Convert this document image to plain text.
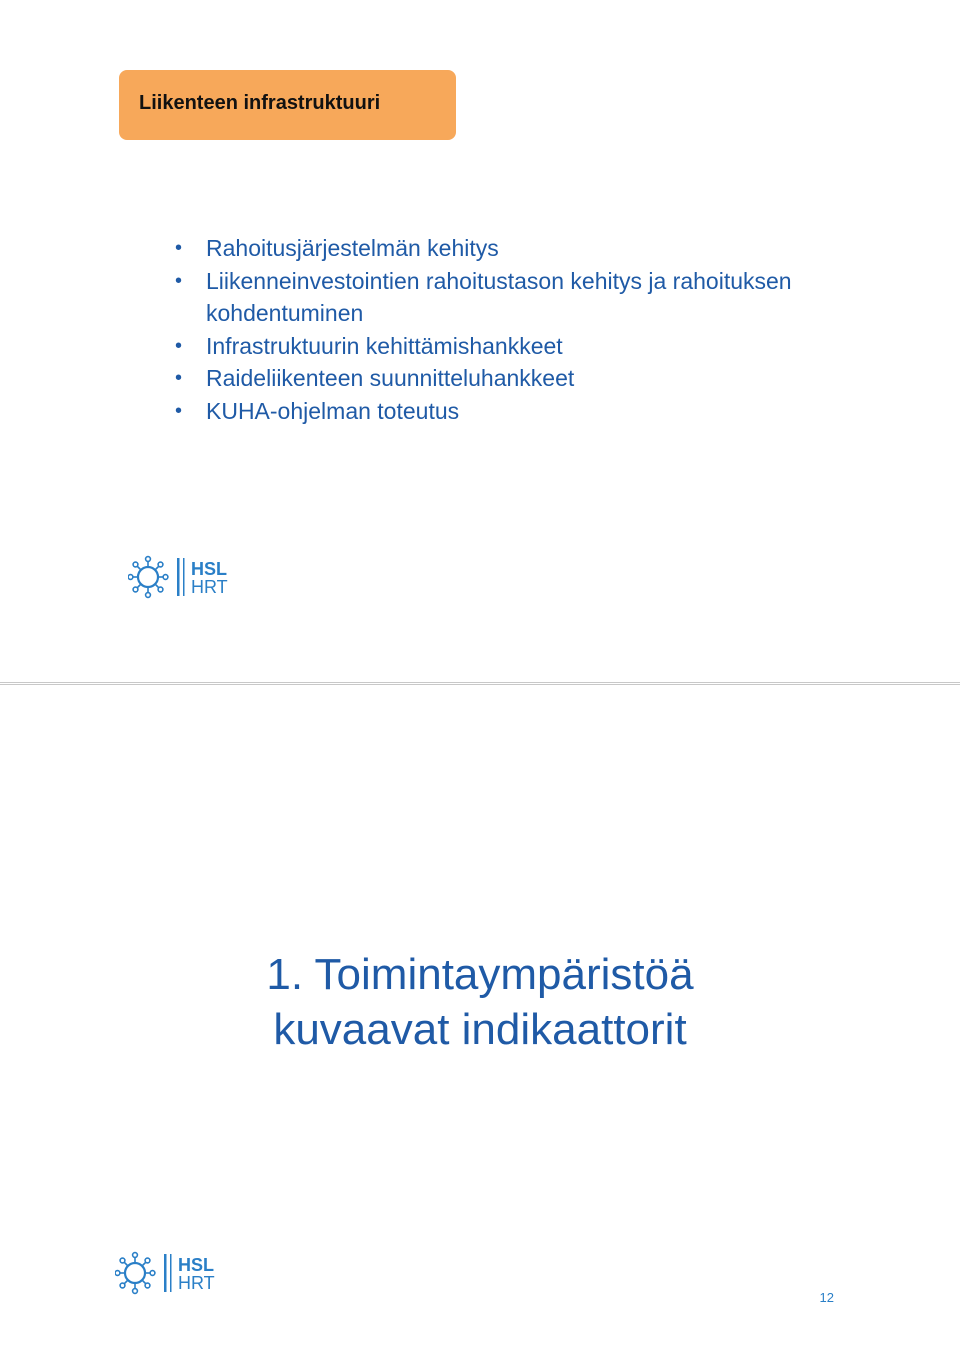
Liikenteen infrastruktuuri
• Rahoitusjärjestelmän kehitys
• Liikenneinvestointien rahoitustason kehitys ja rahoituksen kohdentuminen
• Infrastruktuurin kehittämishankkeet
• Raideliikenteen suunnitteluhankkeet
• KUHA-ohjelman toteutus
HSL
HRT
1. Toimintaympäristöä
kuvaavat indikaattorit
HSL
HRT
12
